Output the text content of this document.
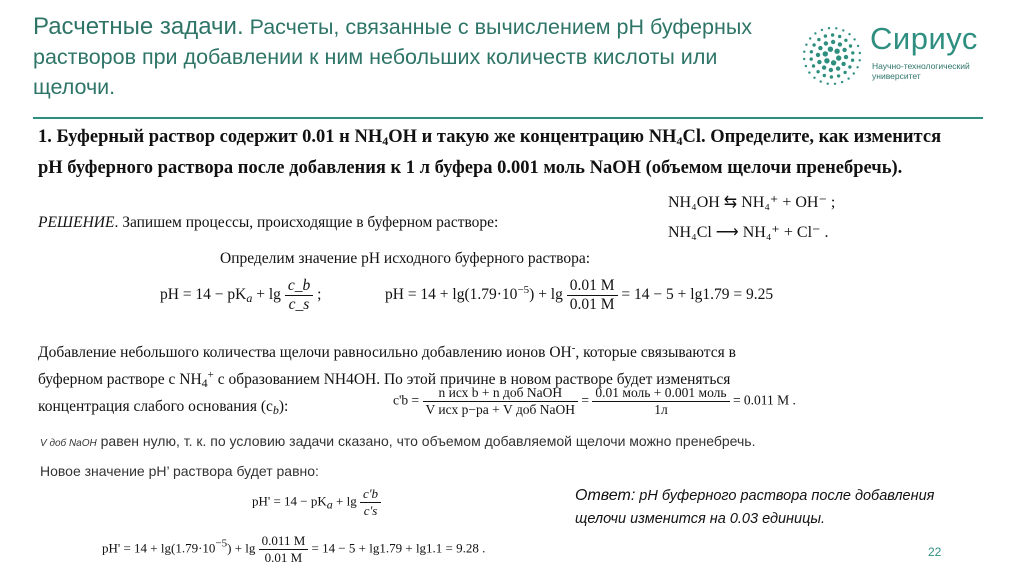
Расчетные задачи. Расчеты, связанные с вычислением pH буферных растворов при добавлении к ним небольших количеств кислоты или щелочи.
Сириус
Научно-технологический
университет
1. Буферный раствор содержит 0.01 н NH4OH и такую же концентрацию NH4Cl. Определите, как изменится pH буферного раствора после добавления к 1 л буфера 0.001 моль NaOH (объемом щелочи пренебречь).
NH₄OH ⇆ NH₄⁺ + OH⁻ ;
NH₄Cl ⟶ NH₄⁺ + Cl⁻ .
РЕШЕНИЕ. Запишем процессы, происходящие в буферном растворе:
Определим значение pH исходного буферного раствора:
pH = 14 − pKa + $\lg \frac{c\_b}{c\_s}$ ;	pH = $14 + \lg(1.79\cdot 10^{-5}) + \lg \frac{0.01 M}{0.01 M} = 14 - 5 + \lg 1.79 = 9.25$
Добавление небольшого количества щелочи равносильно добавлению ионов OH-, которые связываются в
буферном растворе с NH4+ с образованием NH4OH. По этой причине в новом растворе будет изменяться
концентрация слабого основания (cb):	$c'b = \frac{\text{n исх b + n доб NaOH}}{\text{V исх р−ра + V доб NaOH}} = \frac{\text{0.01 моль + 0.001 моль}}{1л} = 0.011$ M .
V доб NaOH равен нулю, т. к. по условию задачи сказано, что объемом добавляемой щелочи можно пренебречь.
Новое значение pH’ раствора будет равно:
pH' = 14 − pKa + $\lg \frac{c'b}{c's}$
$pH' = 14 + \lg(1.79\cdot 10^{-5}) + \lg \frac{0.011 M}{0.01 M} = 14 - 5 + \lg 1.79 + \lg 1.1 = 9.28$ .
Ответ: pH буферного раствора после добавления щелочи изменится на 0.03 единицы.
22
